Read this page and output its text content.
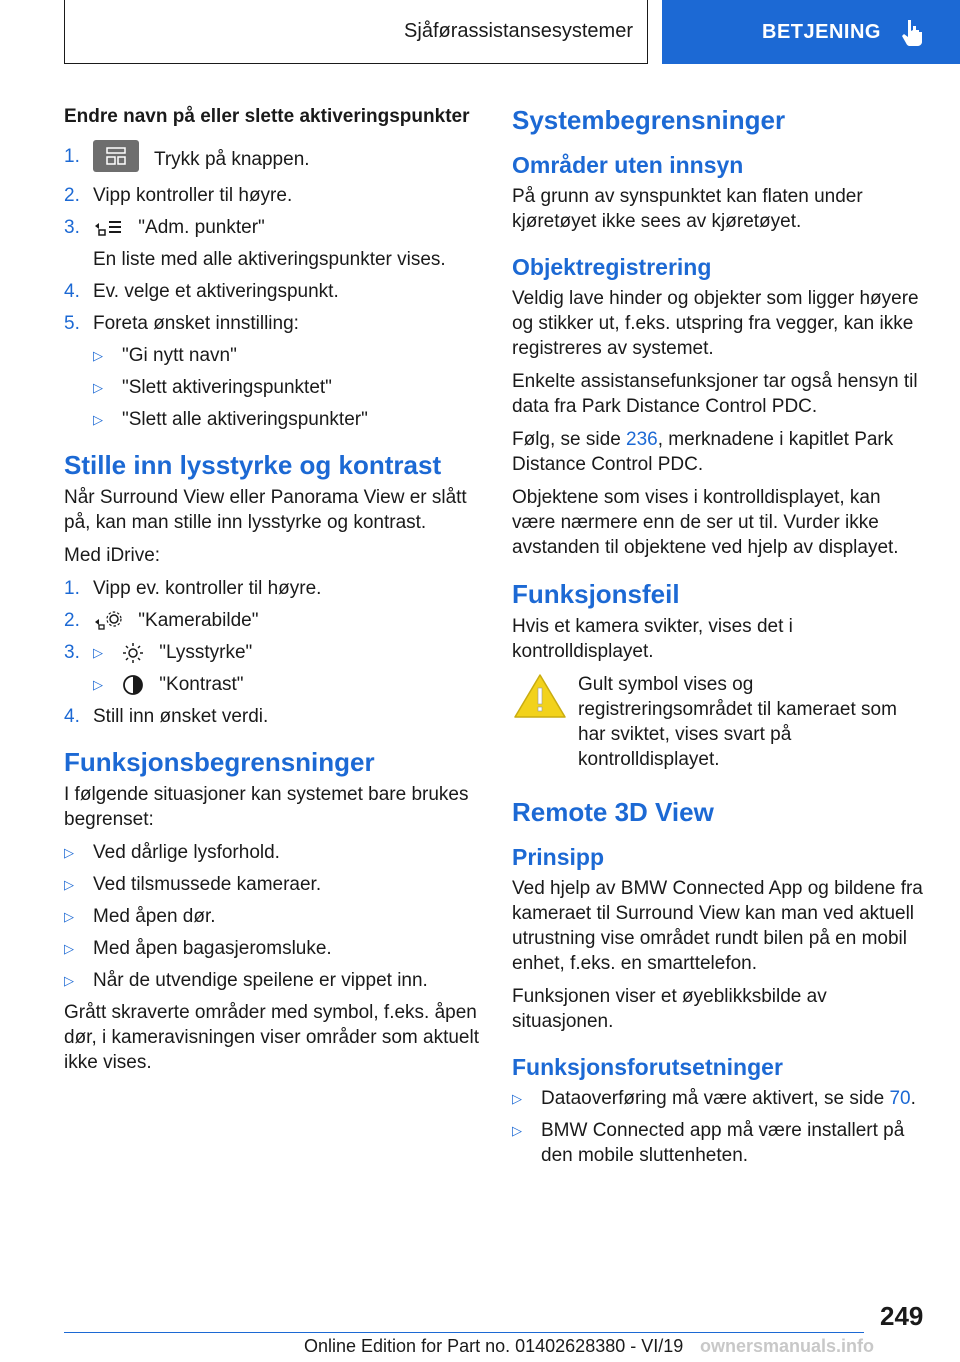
Sjåførassistansesystemer	BETJENING
Endre navn på eller slette aktiveringspunkter
1.	Trykk på knappen.
2. Vipp kontroller til høyre.
3.	"Adm. punkter"
En liste med alle aktiveringspunkter vises.
4. Ev. velge et aktiveringspunkt.
5. Foreta ønsket innstilling:
▷	"Gi nytt navn"
▷	"Slett aktiveringspunktet"
▷	"Slett alle aktiveringspunkter"
Stille inn lysstyrke og kontrast

Når Surround View eller Panorama View er slått på, kan man stille inn lysstyrke og kontrast.

Med iDrive:

1. Vipp ev. kontroller til høyre.
2.	"Kamerabilde"
3.	▷	"Lysstyrke"
▷	"Kontrast"
4. Still inn ønsket verdi.
Funksjonsbegrensninger

I følgende situasjoner kan systemet bare brukes begrenset:

▷	Ved dårlige lysforhold.
▷	Ved tilsmussede kameraer.
▷	Med åpen dør.
▷	Med åpen bagasjeromsluke.
▷	Når de utvendige speilene er vippet inn.

Grått skraverte områder med symbol, f.eks. åpen dør, i kameravisningen viser områder som aktuelt ikke vises.

Systembegrensninger
Områder uten innsyn

På grunn av synspunktet kan flaten under kjøretøyet ikke sees av kjøretøyet.

Objektregistrering

Veldig lave hinder og objekter som ligger høyere og stikker ut, f.eks. utspring fra vegger, kan ikke registreres av systemet.

Enkelte assistansefunksjoner tar også hensyn til data fra Park Distance Control PDC.

Følg, se side 236, merknadene i kapitlet Park Distance Control PDC.

Objektene som vises i kontrolldisplayet, kan være nærmere enn de ser ut til. Vurder ikke avstanden til objektene ved hjelp av displayet.

Funksjonsfeil

Hvis et kamera svikter, vises det i kontrolldisplayet.

Gult symbol vises og registreringsområdet til kameraet som har sviktet, vises svart på kontrolldisplayet.

Remote 3D View
Prinsipp

Ved hjelp av BMW Connected App og bildene fra kameraet til Surround View kan man ved aktuell utrustning vise området rundt bilen på en mobil enhet, f.eks. en smarttelefon.

Funksjonen viser et øyeblikksbilde av situasjonen.

Funksjonsforutsetninger
▷	Dataoverføring må være aktivert, se side 70.
▷	BMW Connected app må være installert på den mobile sluttenheten.
249
Online Edition for Part no. 01402628380 - VI/19 ownersmanuals.info
